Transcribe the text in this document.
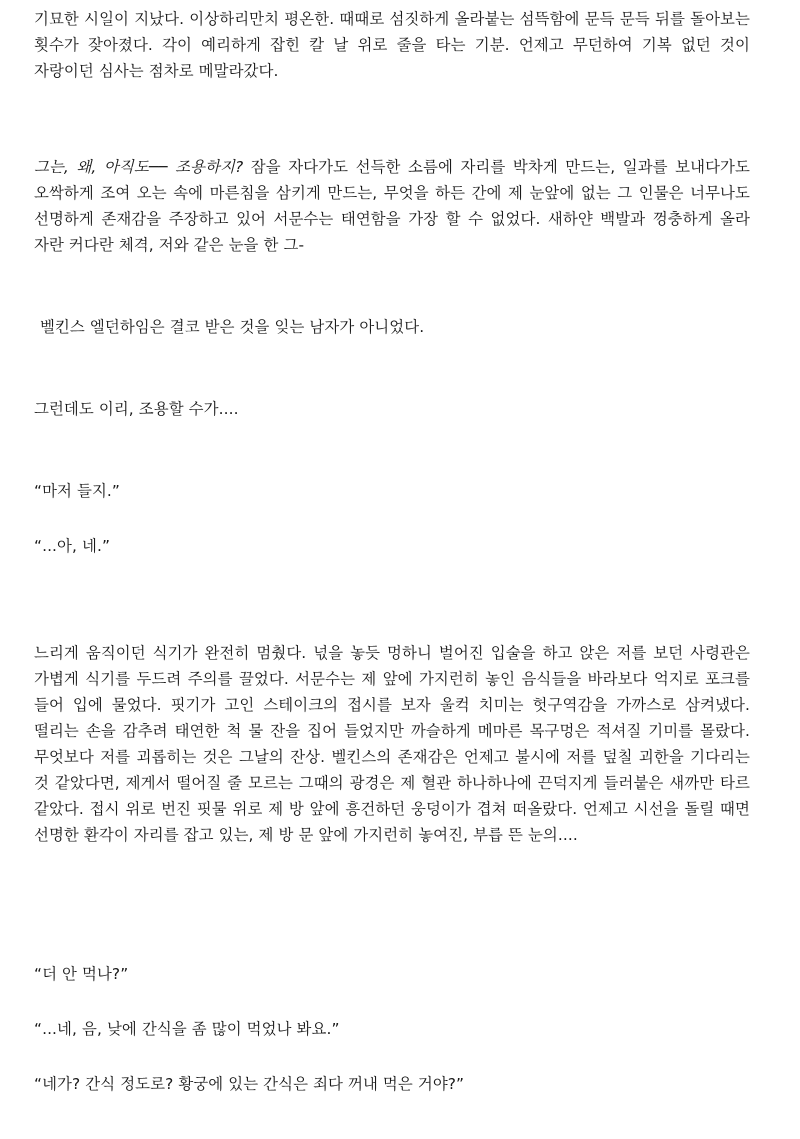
기묘한 시일이 지났다. 이상하리만치 평온한. 때때로 섬짓하게 올라붙는 섬뜩함에 문득 문득 뒤를 돌아보는 횟수가 잦아졌다. 각이 예리하게 잡힌 칼 날 위로 줄을 타는 기분. 언제고 무던하여 기복 없던 것이 자랑이던 심사는 점차로 메말라갔다.

그는, 왜, 아직도── 조용하지? 잠을 자다가도 선득한 소름에 자리를 박차게 만드는, 일과를 보내다가도 오싹하게 조여 오는 속에 마른침을 삼키게 만드는, 무엇을 하든 간에 제 눈앞에 없는 그 인물은 너무나도 선명하게 존재감을 주장하고 있어 서문수는 태연함을 가장 할 수 없었다. 새하얀 백발과 껑충하게 올라 자란 커다란 체격, 저와 같은 눈을 한 그-

벨킨스 엘던하임은 결코 받은 것을 잊는 남자가 아니었다.

그런데도 이리, 조용할 수가....

“마저 들지.”

“...아, 네.”

느리게 움직이던 식기가 완전히 멈췄다. 넋을 놓듯 멍하니 벌어진 입술을 하고 앉은 저를 보던 사령관은 가볍게 식기를 두드려 주의를 끌었다. 서문수는 제 앞에 가지런히 놓인 음식들을 바라보다 억지로 포크를 들어 입에 물었다. 핏기가 고인 스테이크의 접시를 보자 울컥 치미는 헛구역감을 가까스로 삼켜냈다. 떨리는 손을 감추려 태연한 척 물 잔을 집어 들었지만 까슬하게 메마른 목구멍은 적셔질 기미를 몰랐다. 무엇보다 저를 괴롭히는 것은 그날의 잔상. 벨킨스의 존재감은 언제고 불시에 저를 덮칠 괴한을 기다리는 것 같았다면, 제게서 떨어질 줄 모르는 그때의 광경은 제 혈관 하나하나에 끈덕지게 들러붙은 새까만 타르 같았다. 접시 위로 번진 핏물 위로 제 방 앞에 흥건하던 웅덩이가 겹쳐 떠올랐다. 언제고 시선을 돌릴 때면 선명한 환각이 자리를 잡고 있는, 제 방 문 앞에 가지런히 놓여진, 부릅 뜬 눈의....

“더 안 먹나?”

“...네, 음, 낮에 간식을 좀 많이 먹었나 봐요.”

“네가? 간식 정도로? 황궁에 있는 간식은 죄다 꺼내 먹은 거야?”
